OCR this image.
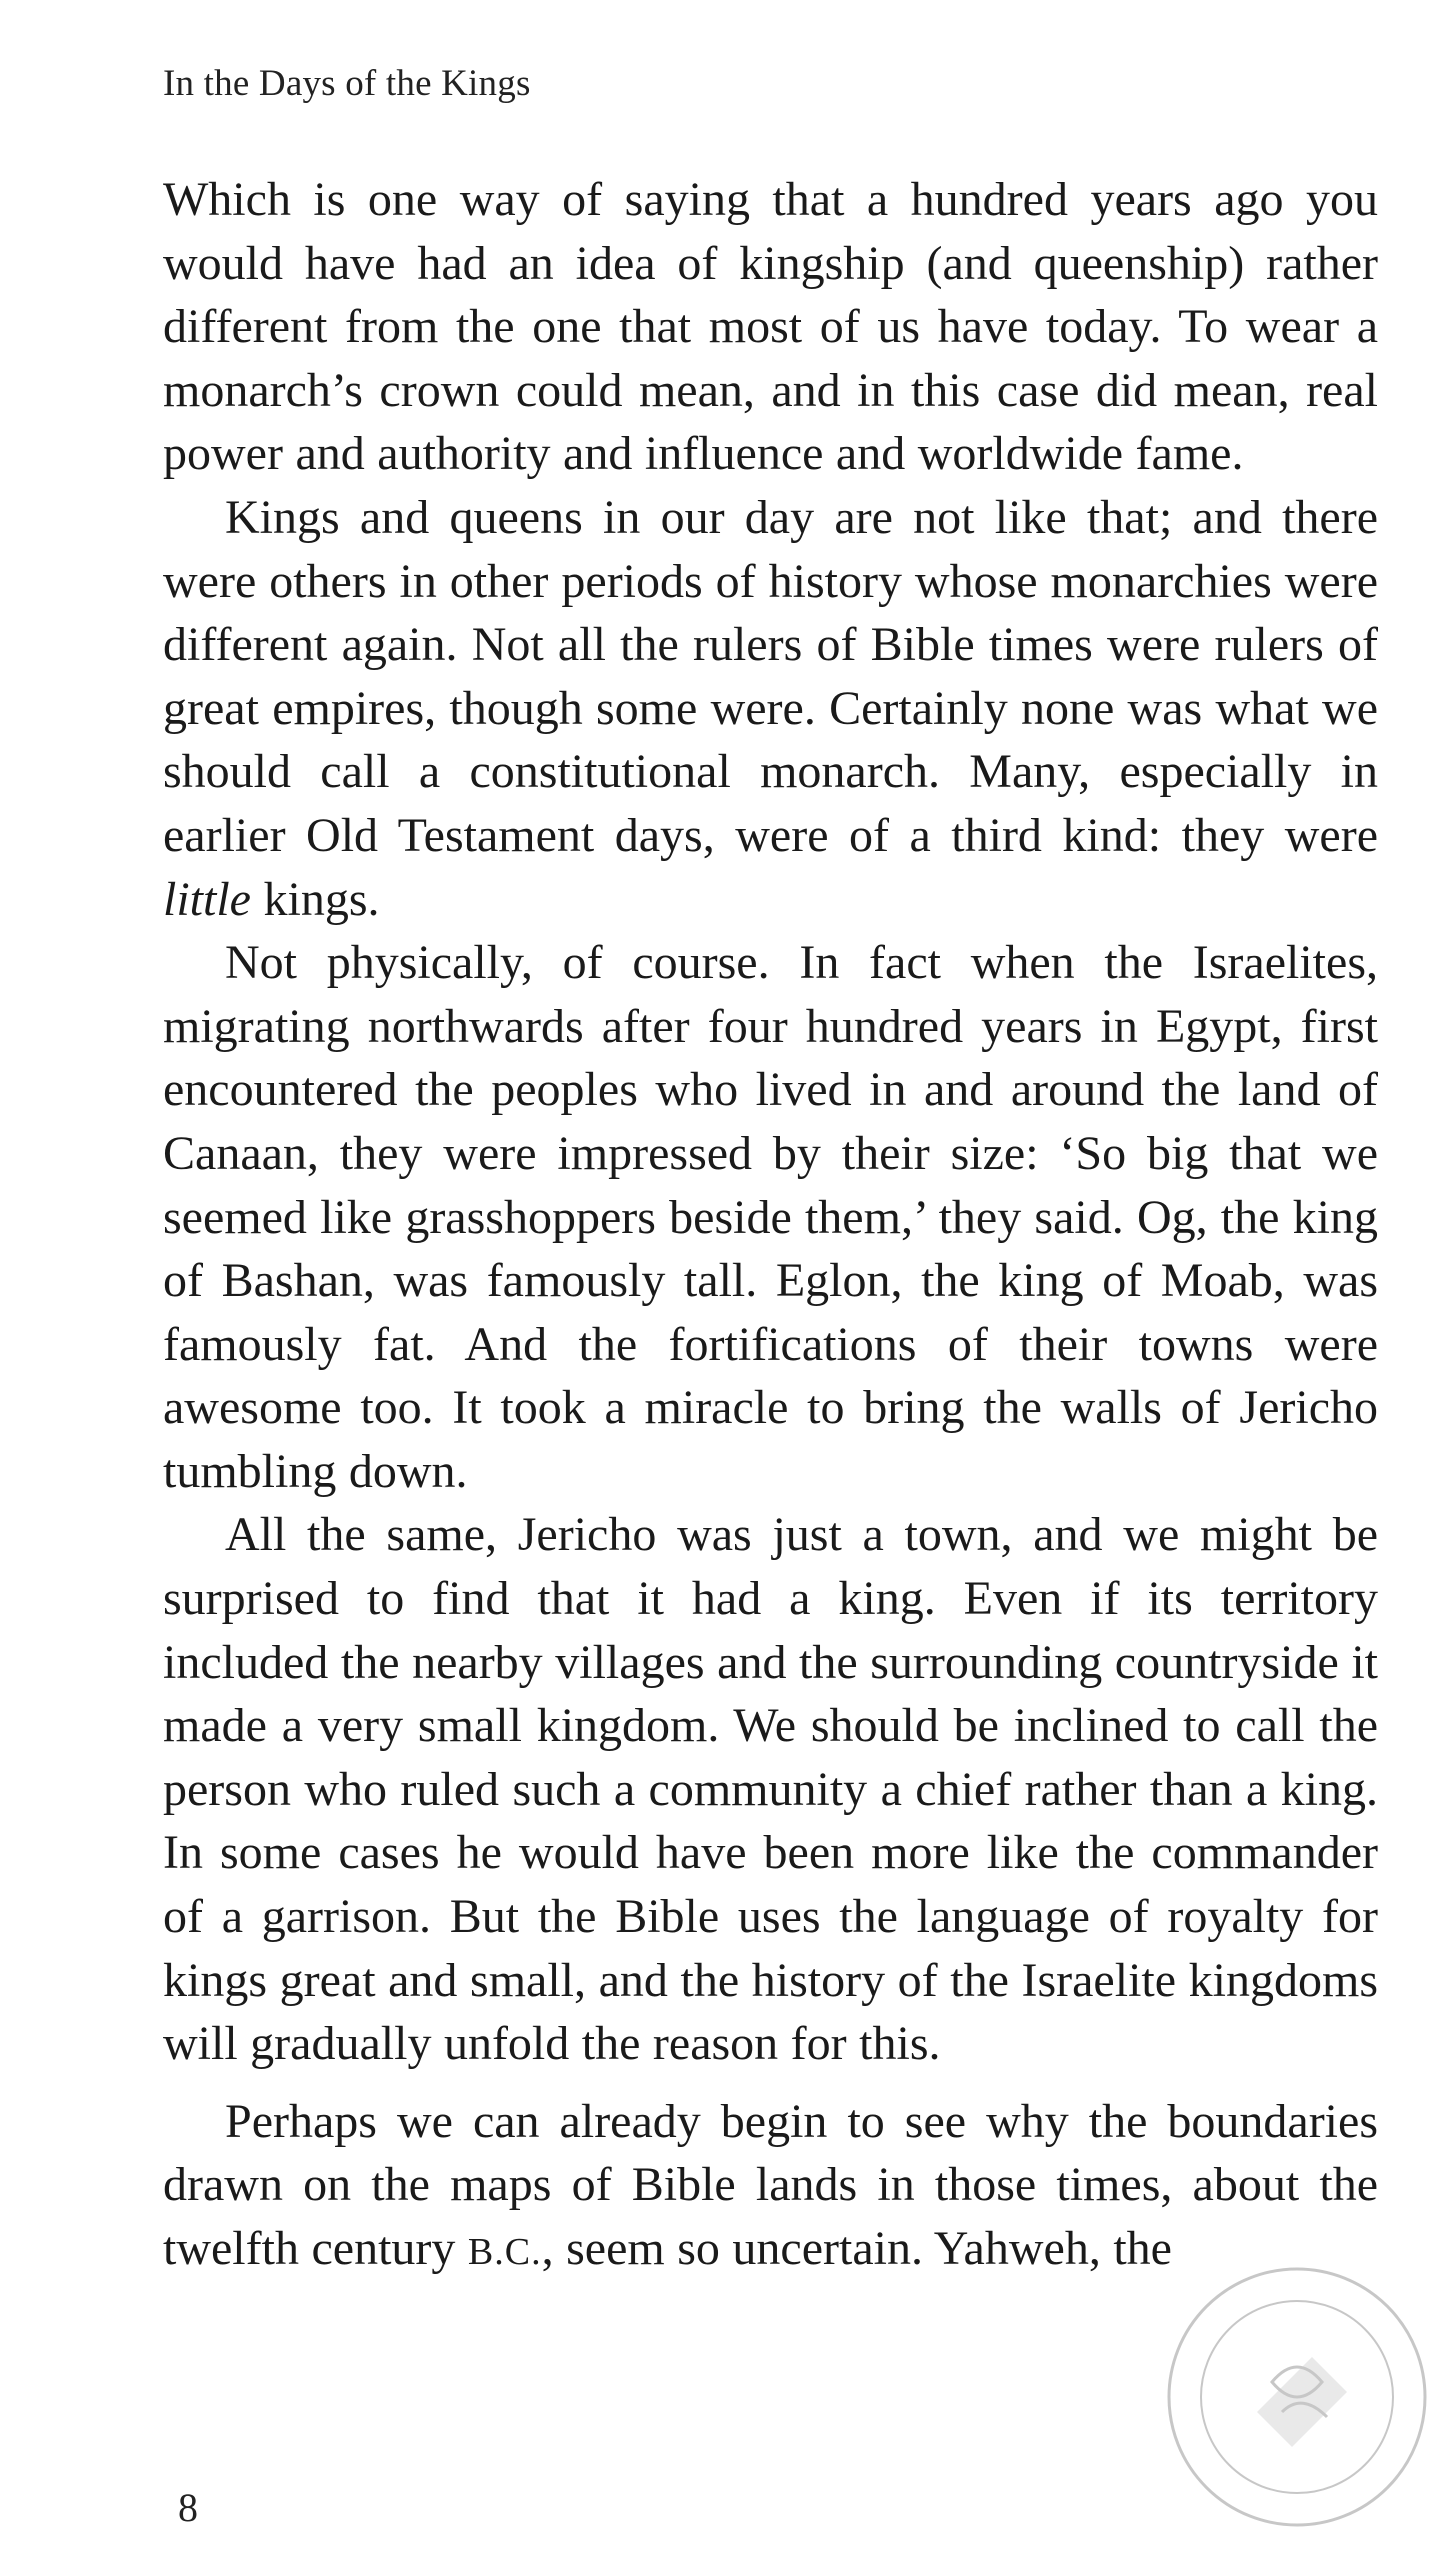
In the Days of the Kings

Which is one way of saying that a hundred years ago you would have had an idea of kingship (and queenship) rather different from the one that most of us have today. To wear a monarch’s crown could mean, and in this case did mean, real power and authority and influence and worldwide fame.

Kings and queens in our day are not like that; and there were others in other periods of history whose monarchies were different again. Not all the rulers of Bible times were rulers of great empires, though some were. Certainly none was what we should call a constitutional monarch. Many, especially in earlier Old Testament days, were of a third kind: they were little kings.

Not physically, of course. In fact when the Israelites, migrating northwards after four hundred years in Egypt, first encountered the peoples who lived in and around the land of Canaan, they were impressed by their size: ‘So big that we seemed like grasshoppers beside them,’ they said. Og, the king of Bashan, was famously tall. Eglon, the king of Moab, was famously fat. And the fortifications of their towns were awesome too. It took a miracle to bring the walls of Jericho tumbling down.

All the same, Jericho was just a town, and we might be surprised to find that it had a king. Even if its territory included the nearby villages and the surrounding countryside it made a very small kingdom. We should be inclined to call the person who ruled such a community a chief rather than a king. In some cases he would have been more like the commander of a garrison. But the Bible uses the language of royalty for kings great and small, and the history of the Israelite kingdoms will gradually unfold the reason for this.

Perhaps we can already begin to see why the boundaries drawn on the maps of Bible lands in those times, about the twelfth century B.C., seem so uncertain. Yahweh, the

8
